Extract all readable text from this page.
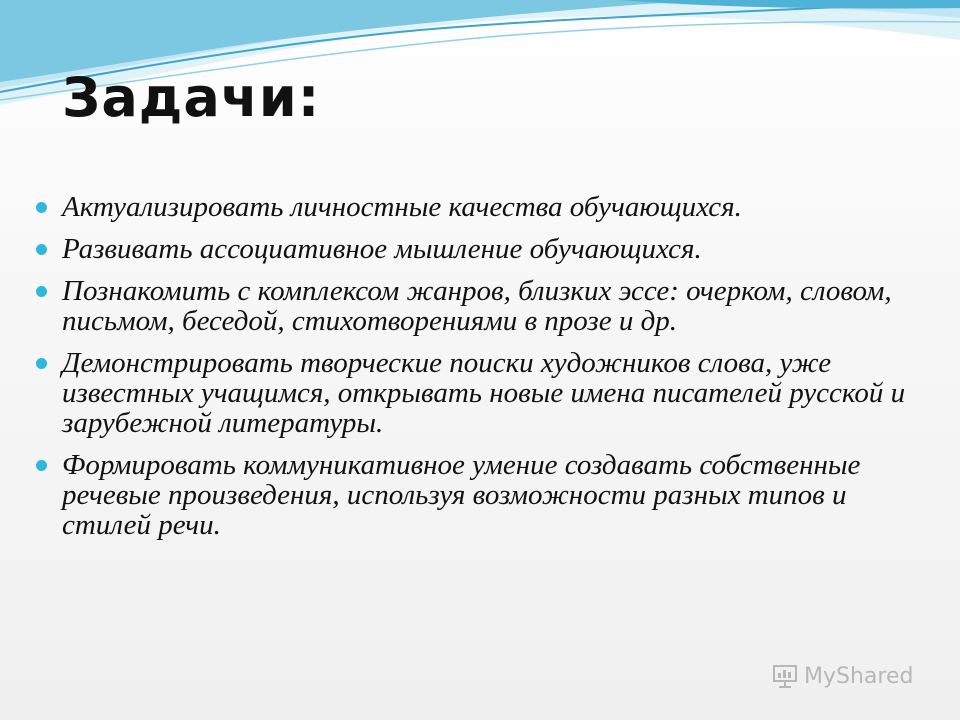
Задачи:
Актуализировать личностные качества обучающихся.
Развивать ассоциативное мышление обучающихся.
Познакомить с комплексом жанров, близких эссе: очерком, словом, письмом, беседой, стихотворениями в прозе и др.
Демонстрировать творческие поиски художников слова, уже известных учащимся, открывать новые имена писателей русской и зарубежной литературы.
Формировать коммуникативное умение создавать собственные речевые произведения, используя возможности разных типов и стилей речи.
MyShared
